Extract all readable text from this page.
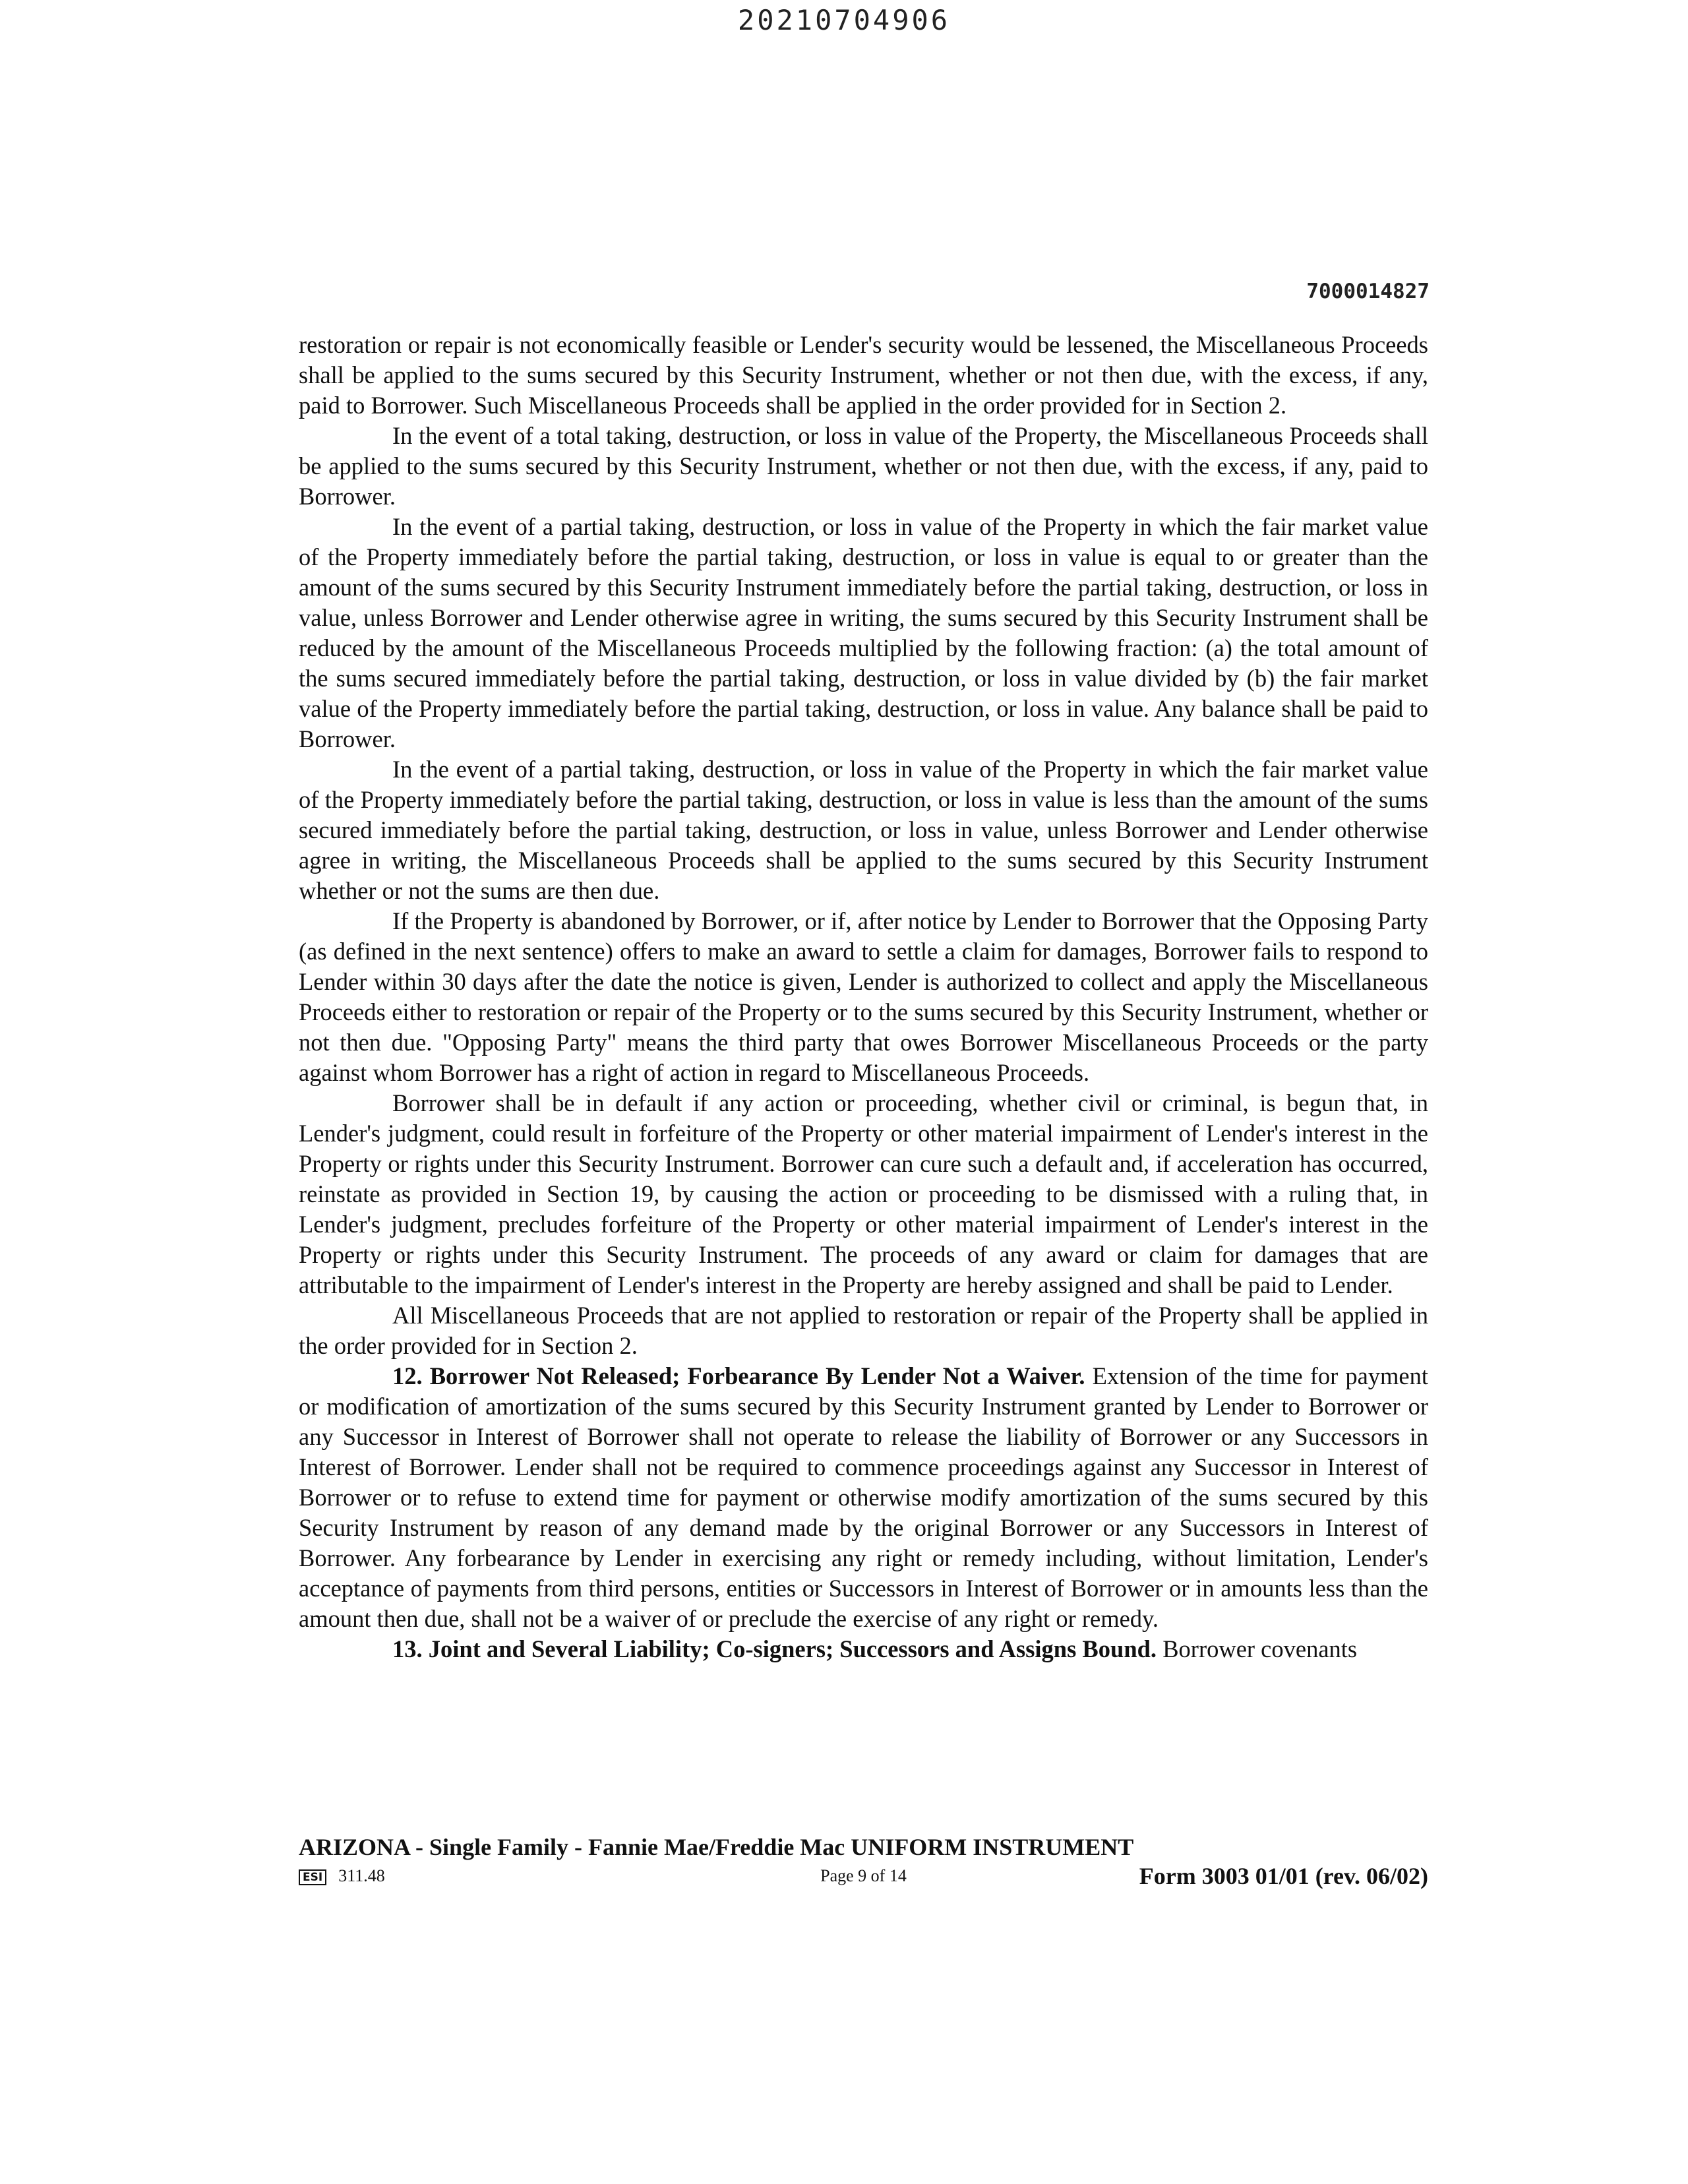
20210704906
7000014827

restoration or repair is not economically feasible or Lender's security would be lessened, the Miscellaneous Proceeds shall be applied to the sums secured by this Security Instrument, whether or not then due, with the excess, if any, paid to Borrower. Such Miscellaneous Proceeds shall be applied in the order provided for in Section 2.

In the event of a total taking, destruction, or loss in value of the Property, the Miscellaneous Proceeds shall be applied to the sums secured by this Security Instrument, whether or not then due, with the excess, if any, paid to Borrower.

In the event of a partial taking, destruction, or loss in value of the Property in which the fair market value of the Property immediately before the partial taking, destruction, or loss in value is equal to or greater than the amount of the sums secured by this Security Instrument immediately before the partial taking, destruction, or loss in value, unless Borrower and Lender otherwise agree in writing, the sums secured by this Security Instrument shall be reduced by the amount of the Miscellaneous Proceeds multiplied by the following fraction: (a) the total amount of the sums secured immediately before the partial taking, destruction, or loss in value divided by (b) the fair market value of the Property immediately before the partial taking, destruction, or loss in value. Any balance shall be paid to Borrower.

In the event of a partial taking, destruction, or loss in value of the Property in which the fair market value of the Property immediately before the partial taking, destruction, or loss in value is less than the amount of the sums secured immediately before the partial taking, destruction, or loss in value, unless Borrower and Lender otherwise agree in writing, the Miscellaneous Proceeds shall be applied to the sums secured by this Security Instrument whether or not the sums are then due.

If the Property is abandoned by Borrower, or if, after notice by Lender to Borrower that the Opposing Party (as defined in the next sentence) offers to make an award to settle a claim for damages, Borrower fails to respond to Lender within 30 days after the date the notice is given, Lender is authorized to collect and apply the Miscellaneous Proceeds either to restoration or repair of the Property or to the sums secured by this Security Instrument, whether or not then due. "Opposing Party" means the third party that owes Borrower Miscellaneous Proceeds or the party against whom Borrower has a right of action in regard to Miscellaneous Proceeds.

Borrower shall be in default if any action or proceeding, whether civil or criminal, is begun that, in Lender's judgment, could result in forfeiture of the Property or other material impairment of Lender's interest in the Property or rights under this Security Instrument. Borrower can cure such a default and, if acceleration has occurred, reinstate as provided in Section 19, by causing the action or proceeding to be dismissed with a ruling that, in Lender's judgment, precludes forfeiture of the Property or other material impairment of Lender's interest in the Property or rights under this Security Instrument. The proceeds of any award or claim for damages that are attributable to the impairment of Lender's interest in the Property are hereby assigned and shall be paid to Lender.

All Miscellaneous Proceeds that are not applied to restoration or repair of the Property shall be applied in the order provided for in Section 2.

12. Borrower Not Released; Forbearance By Lender Not a Waiver. Extension of the time for payment or modification of amortization of the sums secured by this Security Instrument granted by Lender to Borrower or any Successor in Interest of Borrower shall not operate to release the liability of Borrower or any Successors in Interest of Borrower. Lender shall not be required to commence proceedings against any Successor in Interest of Borrower or to refuse to extend time for payment or otherwise modify amortization of the sums secured by this Security Instrument by reason of any demand made by the original Borrower or any Successors in Interest of Borrower. Any forbearance by Lender in exercising any right or remedy including, without limitation, Lender's acceptance of payments from third persons, entities or Successors in Interest of Borrower or in amounts less than the amount then due, shall not be a waiver of or preclude the exercise of any right or remedy.

13. Joint and Several Liability; Co-signers; Successors and Assigns Bound. Borrower covenants

ARIZONA - Single Family - Fannie Mae/Freddie Mac UNIFORM INSTRUMENT
ESI 311.48	Page 9 of 14	Form 3003 01/01 (rev. 06/02)
